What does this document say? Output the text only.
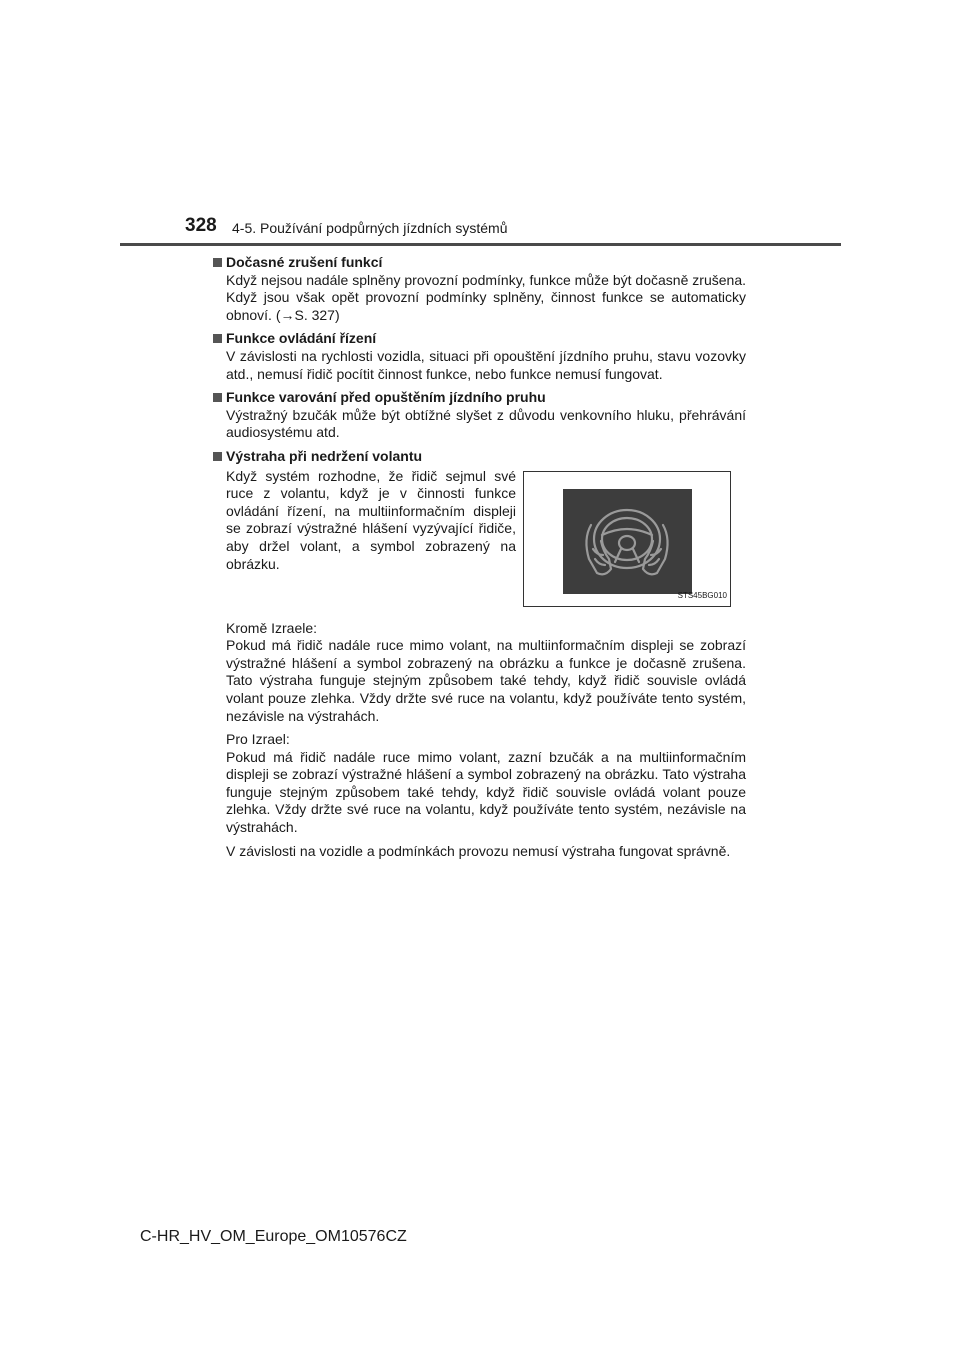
328 4-5. Používání podpůrných jízdních systémů
Dočasné zrušení funkcí
Když nejsou nadále splněny provozní podmínky, funkce může být dočasně zrušena. Když jsou však opět provozní podmínky splněny, činnost funkce se automaticky obnoví. (→S. 327)
Funkce ovládání řízení
V závislosti na rychlosti vozidla, situaci při opouštění jízdního pruhu, stavu vozovky atd., nemusí řidič pocítit činnost funkce, nebo funkce nemusí fungovat.
Funkce varování před opuštěním jízdního pruhu
Výstražný bzučák může být obtížné slyšet z důvodu venkovního hluku, přehrávání audiosystému atd.
Výstraha při nedržení volantu
Když systém rozhodne, že řidič sejmul své ruce z volantu, když je v činnosti funkce ovládání řízení, na multiinformačním displeji se zobrazí výstražné hlášení vyzývající řidiče, aby držel volant, a symbol zobrazený na obrázku.
STS45BG010

Kromě Izraele:

Pokud má řidič nadále ruce mimo volant, na multiinformačním displeji se zobrazí výstražné hlášení a symbol zobrazený na obrázku a funkce je dočasně zrušena. Tato výstraha funguje stejným způsobem také tehdy, když řidič souvisle ovládá volant pouze zlehka. Vždy držte své ruce na volantu, když používáte tento systém, nezávisle na výstrahách.

Pro Izrael:

Pokud má řidič nadále ruce mimo volant, zazní bzučák a na multiinformačním displeji se zobrazí výstražné hlášení a symbol zobrazený na obrázku. Tato výstraha funguje stejným způsobem také tehdy, když řidič souvisle ovládá volant pouze zlehka. Vždy držte své ruce na volantu, když používáte tento systém, nezávisle na výstrahách.

V závislosti na vozidle a podmínkách provozu nemusí výstraha fungovat správně.

C-HR_HV_OM_Europe_OM10576CZ
